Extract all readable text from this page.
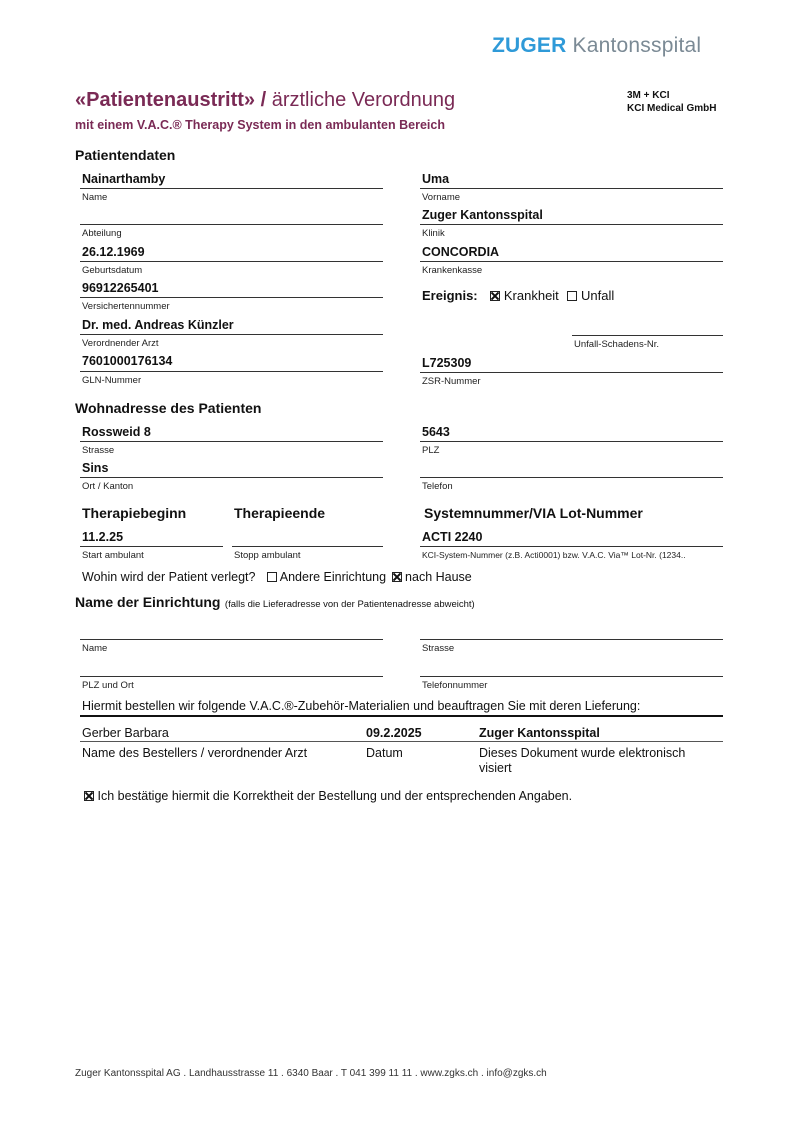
ZUGER Kantonsspital
«Patientenaustritt» / ärztliche Verordnung
mit einem V.A.C.® Therapy System in den ambulanten Bereich
3M + KCI
KCI Medical GmbH
Patientendaten
Nainarthamby
Name
Uma
Vorname
Abteilung
Zuger Kantonsspital
Klinik
26.12.1969
Geburtsdatum
CONCORDIA
Krankenkasse
96912265401
Versichertennummer
Ereignis: Krankheit Unfall
Dr. med. Andreas Künzler
Verordnender Arzt	Unfall-Schadens-Nr.
7601000176134
GLN-Nummer
L725309
ZSR-Nummer
Wohnadresse des Patienten
Rossweid 8
Strasse
5643
PLZ
Sins
Ort / Kanton	Telefon
Therapiebeginn	Therapieende	Systemnummer/VIA Lot-Nummer
11.2.25
Start ambulant	Stopp ambulant
ACTI 2240
KCI-System-Nummer (z.B. Acti0001) bzw. V.A.C. Via™ Lot-Nr. (1234..
Wohin wird der Patient verlegt? Andere Einrichtung nach Hause
Name der Einrichtung (falls die Lieferadresse von der Patientenadresse abweicht)
Name	Strasse
PLZ und Ort	Telefonnummer
Hiermit bestellen wir folgende V.A.C.®-Zubehör-Materialien und beauftragen Sie mit deren Lieferung:
Gerber Barbara	09.2.2025	Zuger Kantonsspital
Name des Bestellers / verordnender Arzt	Datum	Dieses Dokument wurde elektronisch
visiert
Ich bestätige hiermit die Korrektheit der Bestellung und der entsprechenden Angaben.
Zuger Kantonsspital AG . Landhausstrasse 11 . 6340 Baar . T 041 399 11 11 . www.zgks.ch . info@zgks.ch
